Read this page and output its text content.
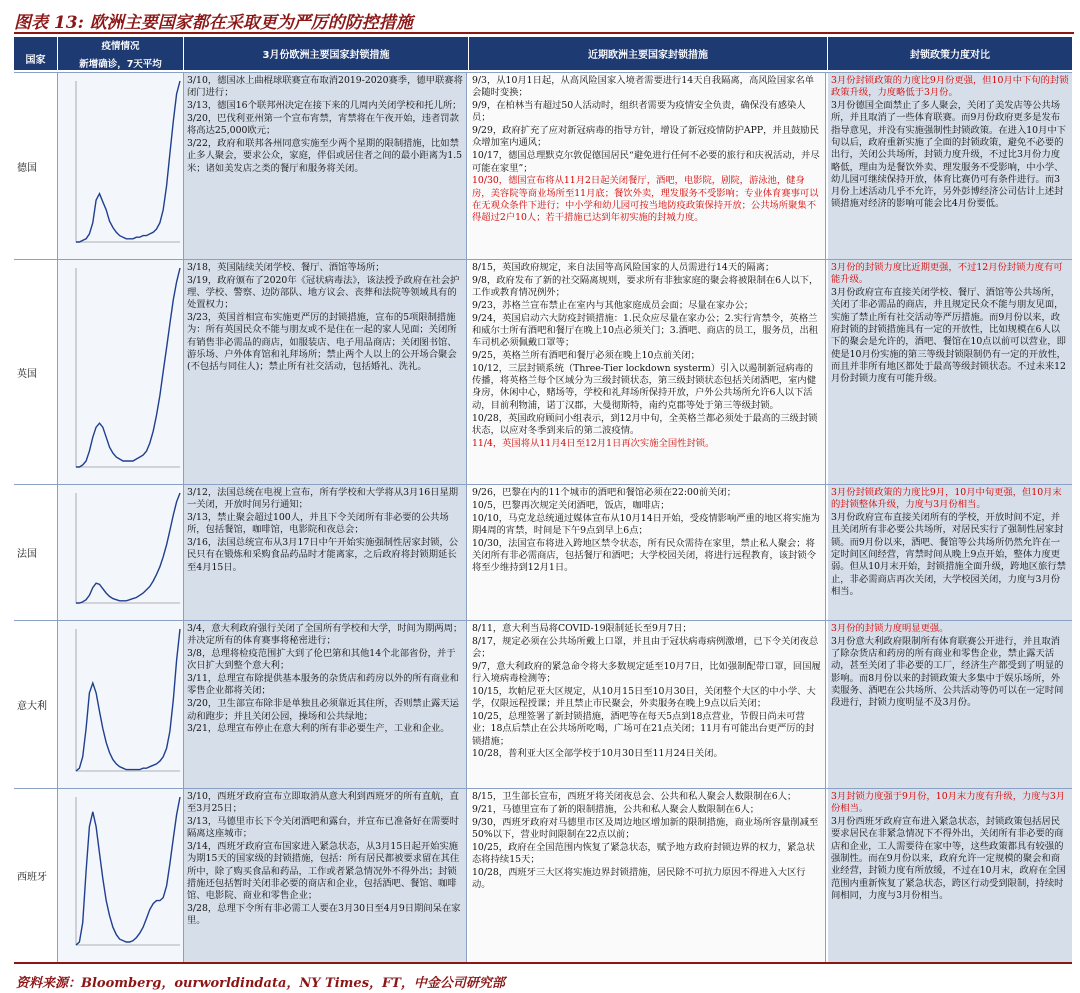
图表 13: 欧洲主要国家都在采取更为严厉的防控措施
国家
疫情情况
新增确诊，7天平均
3月份欧洲主要国家封锁措施	近期欧洲主要国家封锁措施	封锁政策力度对比
德国
3/10，德国冰上曲棍球联赛宣布取消2019-2020赛季，德甲联赛将闭门进行；
3/13，德国16个联邦州决定在接下来的几周内关闭学校和托儿所；
3/20，巴伐利亚州第一个宣布宵禁，宵禁将在午夜开始，违者罚款将高达25,000欧元；
3/22，政府和联邦各州同意实施至少两个星期的限制措施，比如禁止多人聚会，要求公众，家庭，伴侣或居住者之间的最小距离为1.5米；诸如美发店之类的餐厅和服务将关闭。
9/3，从10月1日起，从高风险国家入境者需要进行14天自我隔离，高风险国家名单会随时变换；
9/9，在柏林当有超过50人活动时，组织者需要为疫情安全负责，确保没有感染人员；
9/29，政府扩充了应对新冠病毒的指导方针，增设了新冠疫情防护APP，并且鼓励民众增加室内通风；
10/17，德国总理默克尔敦促德国居民“避免进行任何不必要的旅行和庆祝活动，并尽可能在家里”；
10/30，德国宣布将从11月2日起关闭餐厅，酒吧，电影院，剧院，游泳池，健身房，美容院等商业场所至11月底；餐饮外卖，理发服务不受影响；专业体育赛事可以在无观众条件下进行；中小学和幼儿园可按当地防疫政策保持开放；公共场所聚集不得超过2户10人；若干措施已达到年初实施的封城力度。
3月份封锁政策的力度比9月份更强，但10月中下旬的封锁政策升级，力度略低于3月份。
3月份德国全面禁止了多人聚会，关闭了美发店等公共场所，并且取消了一些体育联赛。而9月份政府更多是发布指导意见，并没有实施强制性封锁政策。在进入10月中下旬以后，政府重新实施了全面的封锁政策，避免不必要的出行，关闭公共场所，封锁力度升级，不过比3月份力度略低，理由为是餐饮外卖、理发服务不受影响，中小学、幼儿园可继续保持开放，体育比赛仍可有条件进行。而3月份上述活动几乎不允许，另外彭博经济公司估计上述封锁措施对经济的影响可能会比4月份要低。
英国
3/18，英国陆续关闭学校、餐厅、酒馆等场所；
3/19，政府颁布了2020年《冠状病毒法》，该法授予政府在社会护理、学校、警察、边防部队、地方议会、丧葬和法院等领域具有的处置权力；
3/23，英国首相宣布实施更严厉的封锁措施，宣布的5项限制措施为：所有英国民众不能与朋友或不是住在一起的家人见面；关闭所有销售非必需品的商店，如服装店、电子用品商店；关闭图书馆、游乐场、户外体育馆和礼拜场所；禁止两个人以上的公开场合聚会(不包括与同住人)；禁止所有社交活动，包括婚礼、洗礼。
8/15，英国政府规定，来自法国等高风险国家的人员需进行14天的隔离；
9/8，政府发布了新的社交隔离规则，要求所有非独家庭的聚会将被限制在6人以下，工作或教育情况例外；
9/23，苏格兰宣布禁止在室内与其他家庭成员会面；尽量在家办公；
9/24，英国启动六大防疫封锁措施：1.民众应尽量在家办公；2.实行宵禁令，英格兰和威尔士所有酒吧和餐厅在晚上10点必须关门；3.酒吧、商店的员工，服务员，出租车司机必须佩戴口罩等；
9/25，英格兰所有酒吧和餐厅必须在晚上10点前关闭；
10/12，三层封锁系统（Three-Tier lockdown systerm）引入以遏制新冠病毒的传播，将英格兰每个区域分为三级封锁状态，第三级封锁状态包括关闭酒吧，室内健身房，休闲中心，赌场等，学校和礼拜场所保持开放，户外公共场所允许6人以下活动，目前利物浦，诺丁汉郡，大曼彻斯特，南约克郡等处于第三等级封锁。
10/28，英国政府顾问小组表示，到12月中旬，全英格兰都必须处于最高的三级封锁状态，以应对冬季到来后的第二波疫情。
11/4，英国将从11月4日至12月1日再次实施全国性封锁。
3月份的封锁力度比近期更强，不过12月份封锁力度有可能升级。
3月份政府宣布直接关闭学校、餐厅、酒馆等公共场所，关闭了非必需品的商店，并且规定民众不能与朋友见面，实施了禁止所有社交活动等严厉措施。而9月份以来，政府封锁的封锁措施具有一定的开放性，比如规模在6人以下的聚会是允许的，酒吧、餐馆在10点以前可以营业，即使是10月份实施的第三等级封锁限制仍有一定的开放性，而且并非所有地区都处于最高等级封锁状态。不过未来12月份封锁力度有可能升级。
法国
3/12，法国总统在电视上宣布，所有学校和大学将从3月16日星期一关闭，开放时间另行通知；
3/13，禁止聚会超过100人，并且下令关闭所有非必要的公共场所，包括餐馆，咖啡馆，电影院和夜总会；
3/16，法国总统宣布从3月17日中午开始实施强制性居家封锁，公民只有在锻炼和采购食品药品时才能离家，之后政府将封锁期延长至4月15日。
9/26，巴黎在内的11个城市的酒吧和餐馆必须在22:00前关闭；
10/5，巴黎再次规定关闭酒吧，饭店，咖啡店；
10/10，马克龙总统通过媒体宣布从10月14日开始，受疫情影响严重的地区将实施为期4周的宵禁，时间是下午9点到早上6点；
10/30，法国宣布将进入跨地区禁令状态，所有民众需待在家里，禁止私人聚会；将关闭所有非必需商店，包括餐厅和酒吧；大学校园关闭，将进行远程教育，该封锁令将至少维持到12月1日。
3月份封锁政策的力度比9月，10月中旬更强，但10月末的封锁整体升级，力度与3月份相当。
3月份政府宣布直接关闭所有的学校，开放时间不定，并且关闭所有非必要公共场所，对居民实行了强制性居家封锁。而9月份以来，酒吧、餐馆等公共场所仍然允许在一定时间区间经营，宵禁时间从晚上9点开始，整体力度更弱。但从10月末开始，封锁措施全面升级，跨地区旅行禁止，非必需商店再次关闭，大学校园关闭，力度与3月份相当。
意大利
3/4，意大利政府强行关闭了全国所有学校和大学，时间为期两周；并决定所有的体育赛事将秘密进行；
3/8，总理将检疫范围扩大到了伦巴第和其他14个北部省份，并于次日扩大到整个意大利；
3/11，总理宣布除提供基本服务的杂货店和药房以外的所有商业和零售企业都将关闭；
3/20，卫生部宣布除非是单独且必须靠近其住所，否则禁止露天运动和跑步；并且关闭公园，操场和公共绿地；
3/21，总理宣布停止在意大利的所有非必要生产，工业和企业。
8/11，意大利当局将COVID-19限制延长至9月7日；
8/17，规定必须在公共场所戴上口罩，并且由于冠状病毒病例激增，已下令关闭夜总会；
9/7，意大利政府的紧急命令将大多数规定延至10月7日，比如强制配带口罩，回国履行入境病毒检测等；
10/15，坎帕尼亚大区规定，从10月15日至10月30日，关闭整个大区的中小学、大学，仅限远程授课；并且禁止市民聚会，外卖服务在晚上9点以后关闭；
10/25，总理签署了新封锁措施，酒吧等在每天5点到18点营业，节假日尚未可营业；18点后禁止在公共场所吃喝，广场可在21点关闭；11月有可能出台更严厉的封锁措施；
10/28，普利亚大区全部学校于10月30日至11月24日关闭。
3月份的封锁力度明显更强。
3月份意大利政府限制所有体育联赛公开进行，并且取消了除杂货店和药房的所有商业和零售企业，禁止露天活动，甚至关闭了非必要的工厂，经济生产都受到了明显的影响。而8月份以来的封锁政策大多集中于娱乐场所，外卖服务、酒吧在公共场所、公共活动等仍可以在一定时间段进行，封锁力度明显不及3月份。
西班牙
3/10，西班牙政府宣布立即取消从意大利到西班牙的所有直航，直至3月25日；
3/13，马德里市长下令关闭酒吧和露台，并宣布已准备好在需要时隔离这座城市；
3/14，西班牙政府宣布国家进入紧急状态，从3月15日起开始实施为期15天的国家级的封锁措施，包括：所有居民都被要求留在其住所中，除了购买食品和药品，工作或者紧急情况外不得外出；封锁措施还包括暂时关闭非必要的商店和企业，包括酒吧、餐馆、咖啡馆、电影院、商业和零售企业；
3/28，总理下令所有非必需工人要在3月30日至4月9日期间呆在家里。
8/15，卫生部长宣布，西班牙将关闭夜总会、公共和私人聚会人数限制在6人；
9/21，马德里宣布了新的限制措施，公共和私人聚会人数限制在6人；
9/30，西班牙政府对马德里市区及周边地区增加新的限制措施，商业场所容量削减至50%以下，营业时间限制在22点以前；
10/25，政府在全国范围内恢复了紧急状态，赋予地方政府封锁边界的权力，紧急状态将持续15天；
10/28，西班牙三大区将实施边界封锁措施，居民除不可抗力原因不得进入大区行动。
3月封锁力度强于9月份，10月末力度有升级，力度与3月份相当。
3月份西班牙政府宣布进入紧急状态，封锁政策包括居民要求居民在非紧急情况下不得外出，关闭所有非必要的商店和企业，工人需要待在家中等，这些政策都具有较强的强制性。而在9月份以来，政府允许一定规模的聚会和商业经营，封锁力度有所放缓，不过在10月末，政府在全国范围内重新恢复了紧急状态，跨区行动受到限制，持续时间相同，力度与3月份相当。
资料来源：Bloomberg，ourworldindata，NY Times，FT，中金公司研究部
